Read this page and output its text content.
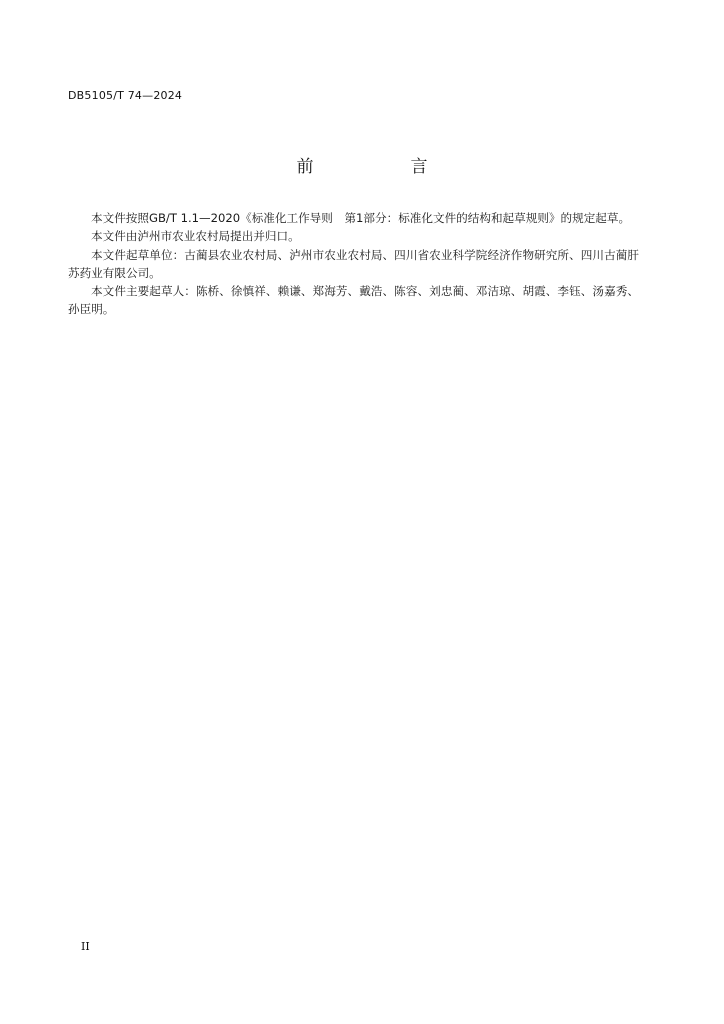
DB5105/T 74—2024
前　言

本文件按照GB/T 1.1—2020《标准化工作导则　第1部分：标准化文件的结构和起草规则》的规定起草。

本文件由泸州市农业农村局提出并归口。

本文件起草单位：古蔺县农业农村局、泸州市农业农村局、四川省农业科学院经济作物研究所、四川古蔺肝苏药业有限公司。

本文件主要起草人：陈桥、徐慎祥、赖谦、郑海芳、戴浩、陈容、刘忠蔺、邓洁琼、胡霞、李钰、汤嘉秀、孙臣明。

II
